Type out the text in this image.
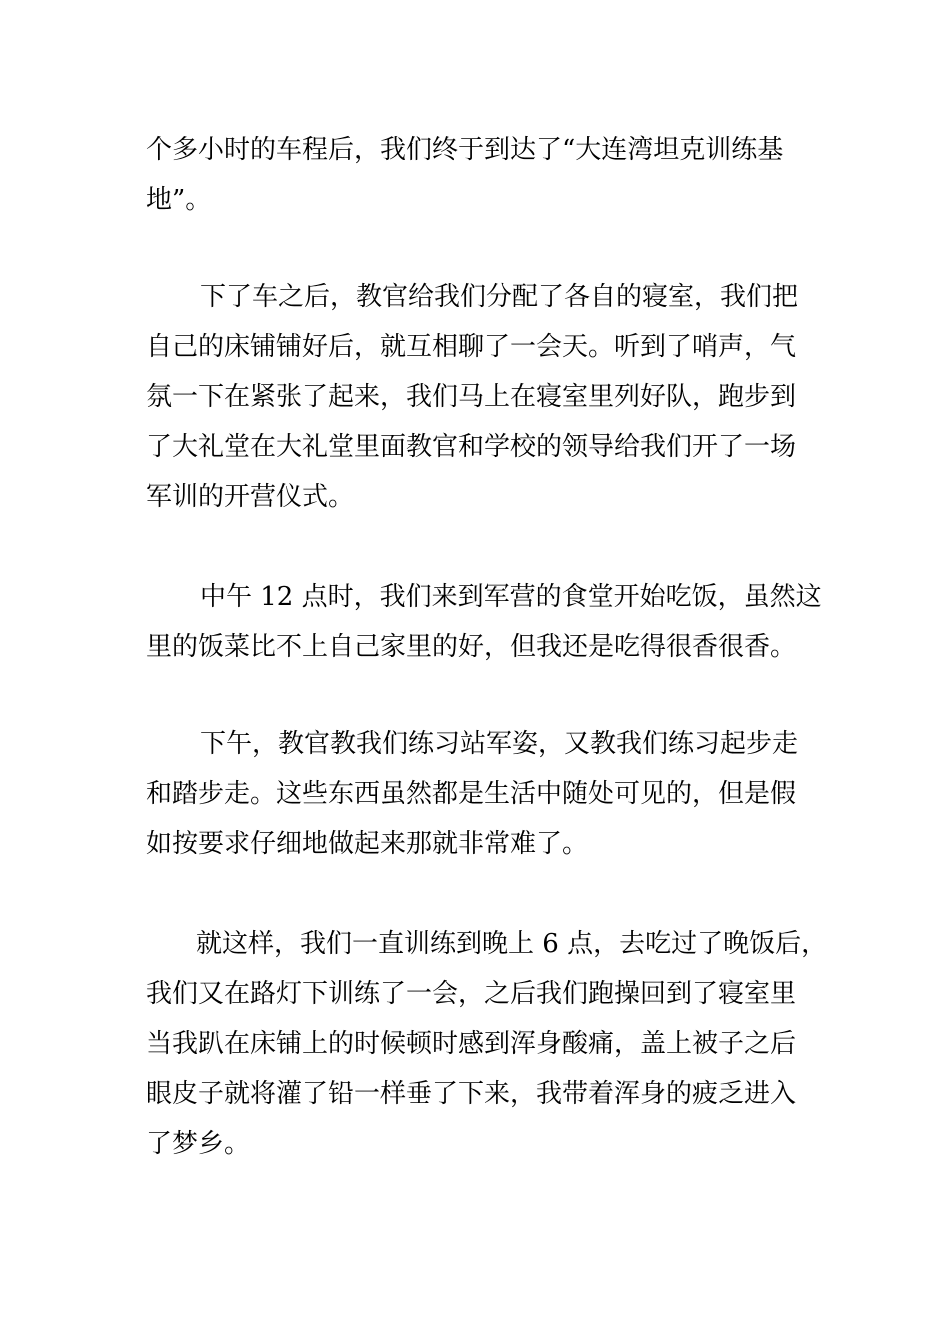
个多小时的车程后，我们终于到达了“大连湾坦克训练基
地”。
下了车之后，教官给我们分配了各自的寝室，我们把
自己的床铺铺好后，就互相聊了一会天。听到了哨声，气
氛一下在紧张了起来，我们马上在寝室里列好队，跑步到
了大礼堂在大礼堂里面教官和学校的领导给我们开了一场
军训的开营仪式。
中午 12 点时，我们来到军营的食堂开始吃饭，虽然这
里的饭菜比不上自己家里的好，但我还是吃得很香很香。
下午，教官教我们练习站军姿，又教我们练习起步走
和踏步走。这些东西虽然都是生活中随处可见的，但是假
如按要求仔细地做起来那就非常难了。
就这样，我们一直训练到晚上 6 点，去吃过了晚饭后，
我们又在路灯下训练了一会，之后我们跑操回到了寝室里
当我趴在床铺上的时候顿时感到浑身酸痛，盖上被子之后
眼皮子就将灌了铅一样垂了下来，我带着浑身的疲乏进入
了梦乡。
